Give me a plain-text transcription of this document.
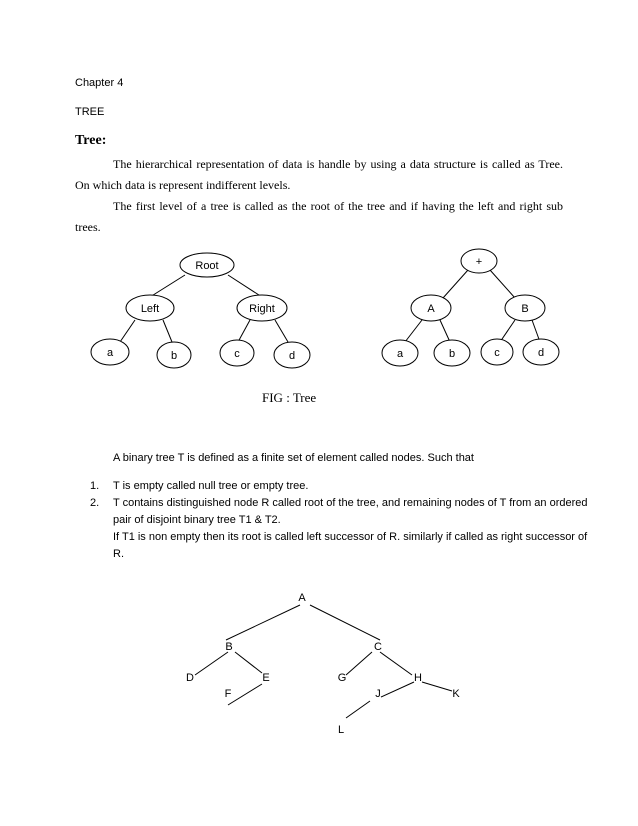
Chapter 4

TREE

Tree:

The hierarchical representation of data is handle by using a data structure is called as Tree. On which data is represent indifferent levels.

The first level of a tree is called as the root of the tree and if having the left and right sub trees.

Root
Left	Right
a	b	c	d
+
A	B
a	b	c	d
A
B	C
D	E
F
G	H
J	K
L

FIG : Tree

A binary tree T is defined as a finite set of element called nodes. Such that

1. T is empty called null tree or empty tree.
2. T contains distinguished node R called root of the tree, and remaining nodes of T from an ordered pair of disjoint binary tree T1 & T2.
If T1 is non empty then its root is called left successor of R. similarly if called as right successor of R.
